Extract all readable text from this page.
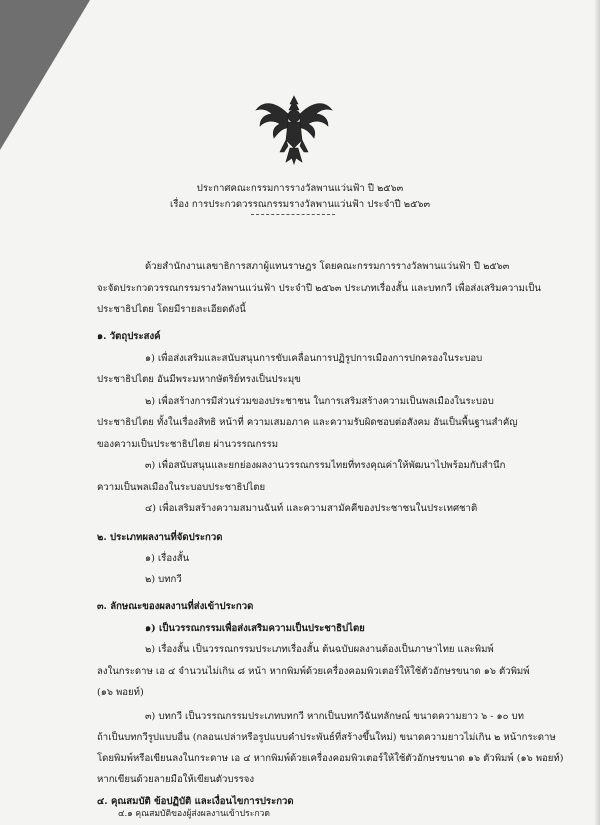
ประกาศคณะกรรมการรางวัลพานแว่นฟ้า ปี ๒๕๖๓
เรื่อง การประกวดวรรณกรรมรางวัลพานแว่นฟ้า ประจำปี ๒๕๖๓
ด้วยสำนักงานเลขาธิการสภาผู้แทนราษฎร โดยคณะกรรมการรางวัลพานแว่นฟ้า ปี ๒๕๖๓
จะจัดประกวดวรรณกรรมรางวัลพานแว่นฟ้า ประจำปี ๒๕๖๓ ประเภทเรื่องสั้น และบทกวี เพื่อส่งเสริมความเป็น
ประชาธิปไตย โดยมีรายละเอียดดังนี้
๑. วัตถุประสงค์
๑) เพื่อส่งเสริมและสนับสนุนการขับเคลื่อนการปฏิรูปการเมืองการปกครองในระบอบ
ประชาธิปไตย อันมีพระมหากษัตริย์ทรงเป็นประมุข
๒) เพื่อสร้างการมีส่วนร่วมของประชาชน ในการเสริมสร้างความเป็นพลเมืองในระบอบ
ประชาธิปไตย ทั้งในเรื่องสิทธิ หน้าที่ ความเสมอภาค และความรับผิดชอบต่อสังคม อันเป็นพื้นฐานสำคัญ
ของความเป็นประชาธิปไตย ผ่านวรรณกรรม
๓) เพื่อสนับสนุนและยกย่องผลงานวรรณกรรมไทยที่ทรงคุณค่าให้พัฒนาไปพร้อมกับสำนึก
ความเป็นพลเมืองในระบอบประชาธิปไตย
๔) เพื่อเสริมสร้างความสมานฉันท์ และความสามัคคีของประชาชนในประเทศชาติ
๒. ประเภทผลงานที่จัดประกวด
๑) เรื่องสั้น
๒) บทกวี
๓. ลักษณะของผลงานที่ส่งเข้าประกวด
๑) เป็นวรรณกรรมเพื่อส่งเสริมความเป็นประชาธิปไตย
๒) เรื่องสั้น เป็นวรรณกรรมประเภทเรื่องสั้น ต้นฉบับผลงานต้องเป็นภาษาไทย และพิมพ์
ลงในกระดาษ เอ ๔ จำนวนไม่เกิน ๘ หน้า หากพิมพ์ด้วยเครื่องคอมพิวเตอร์ให้ใช้ตัวอักษรขนาด ๑๖ ตัวพิมพ์
(๑๖ พอยท์)
๓) บทกวี เป็นวรรณกรรมประเภทบทกวี หากเป็นบทกวีฉันทลักษณ์ ขนาดความยาว ๖ - ๑๐ บท
ถ้าเป็นบทกวีรูปแบบอื่น (กลอนเปล่าหรือรูปแบบคำประพันธ์ที่สร้างขึ้นใหม่) ขนาดความยาวไม่เกิน ๒ หน้ากระดาษ
โดยพิมพ์หรือเขียนลงในกระดาษ เอ ๔ หากพิมพ์ด้วยเครื่องคอมพิวเตอร์ให้ใช้ตัวอักษรขนาด ๑๖ ตัวพิมพ์ (๑๖ พอยท์)
หากเขียนด้วยลายมือให้เขียนตัวบรรจง
๔. คุณสมบัติ ข้อปฏิบัติ และเงื่อนไขการประกวด
๔.๑ คุณสมบัติของผู้ส่งผลงานเข้าประกวด
